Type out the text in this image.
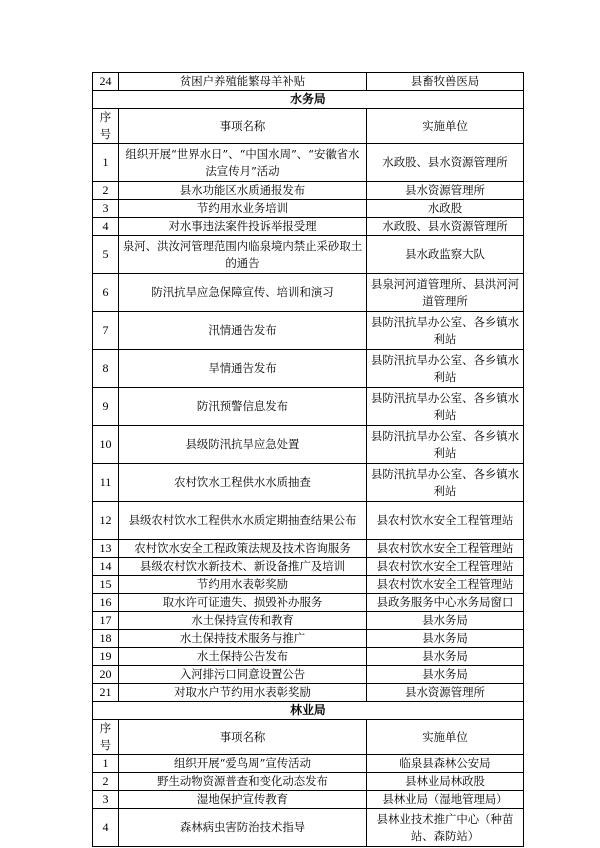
24	贫困户养殖能繁母羊补贴	县畜牧兽医局
水务局		
序号	事项名称	实施单位
1	组织开展“世界水日”、“中国水周”、“安徽省水法宣传月”活动	水政股、县水资源管理所
2	县水功能区水质通报发布	县水资源管理所
3	节约用水业务培训	水政股
4	对水事违法案件投诉举报受理	水政股、县水资源管理所
5	泉河、洪汝河管理范围内临泉境内禁止采砂取土的通告	县水政监察大队
6	防汛抗旱应急保障宣传、培训和演习	县泉河河道管理所、县洪河河道管理所
7	汛情通告发布	县防汛抗旱办公室、各乡镇水利站
8	旱情通告发布	县防汛抗旱办公室、各乡镇水利站
9	防汛预警信息发布	县防汛抗旱办公室、各乡镇水利站
10	县级防汛抗旱应急处置	县防汛抗旱办公室、各乡镇水利站
11	农村饮水工程供水水质抽查	县防汛抗旱办公室、各乡镇水利站
12	县级农村饮水工程供水水质定期抽查结果公布	县农村饮水安全工程管理站
13	农村饮水安全工程政策法规及技术咨询服务	县农村饮水安全工程管理站
14	县级农村饮水新技术、新设备推广及培训	县农村饮水安全工程管理站
15	节约用水表彰奖励	县农村饮水安全工程管理站
16	取水许可证遗失、损毁补办服务	县政务服务中心水务局窗口
17	水土保持宣传和教育	县水务局
18	水土保持技术服务与推广	县水务局
19	水土保持公告发布	县水务局
20	入河排污口同意设置公告	县水务局
21	对取水户节约用水表彰奖励	县水资源管理所
林业局		
序号	事项名称	实施单位
1	组织开展“爱鸟周”宣传活动	临泉县森林公安局
2	野生动物资源普查和变化动态发布	县林业局林政股
3	湿地保护宣传教育	县林业局（湿地管理局）
4	森林病虫害防治技术指导	县林业技术推广中心（种苗站、森防站）
